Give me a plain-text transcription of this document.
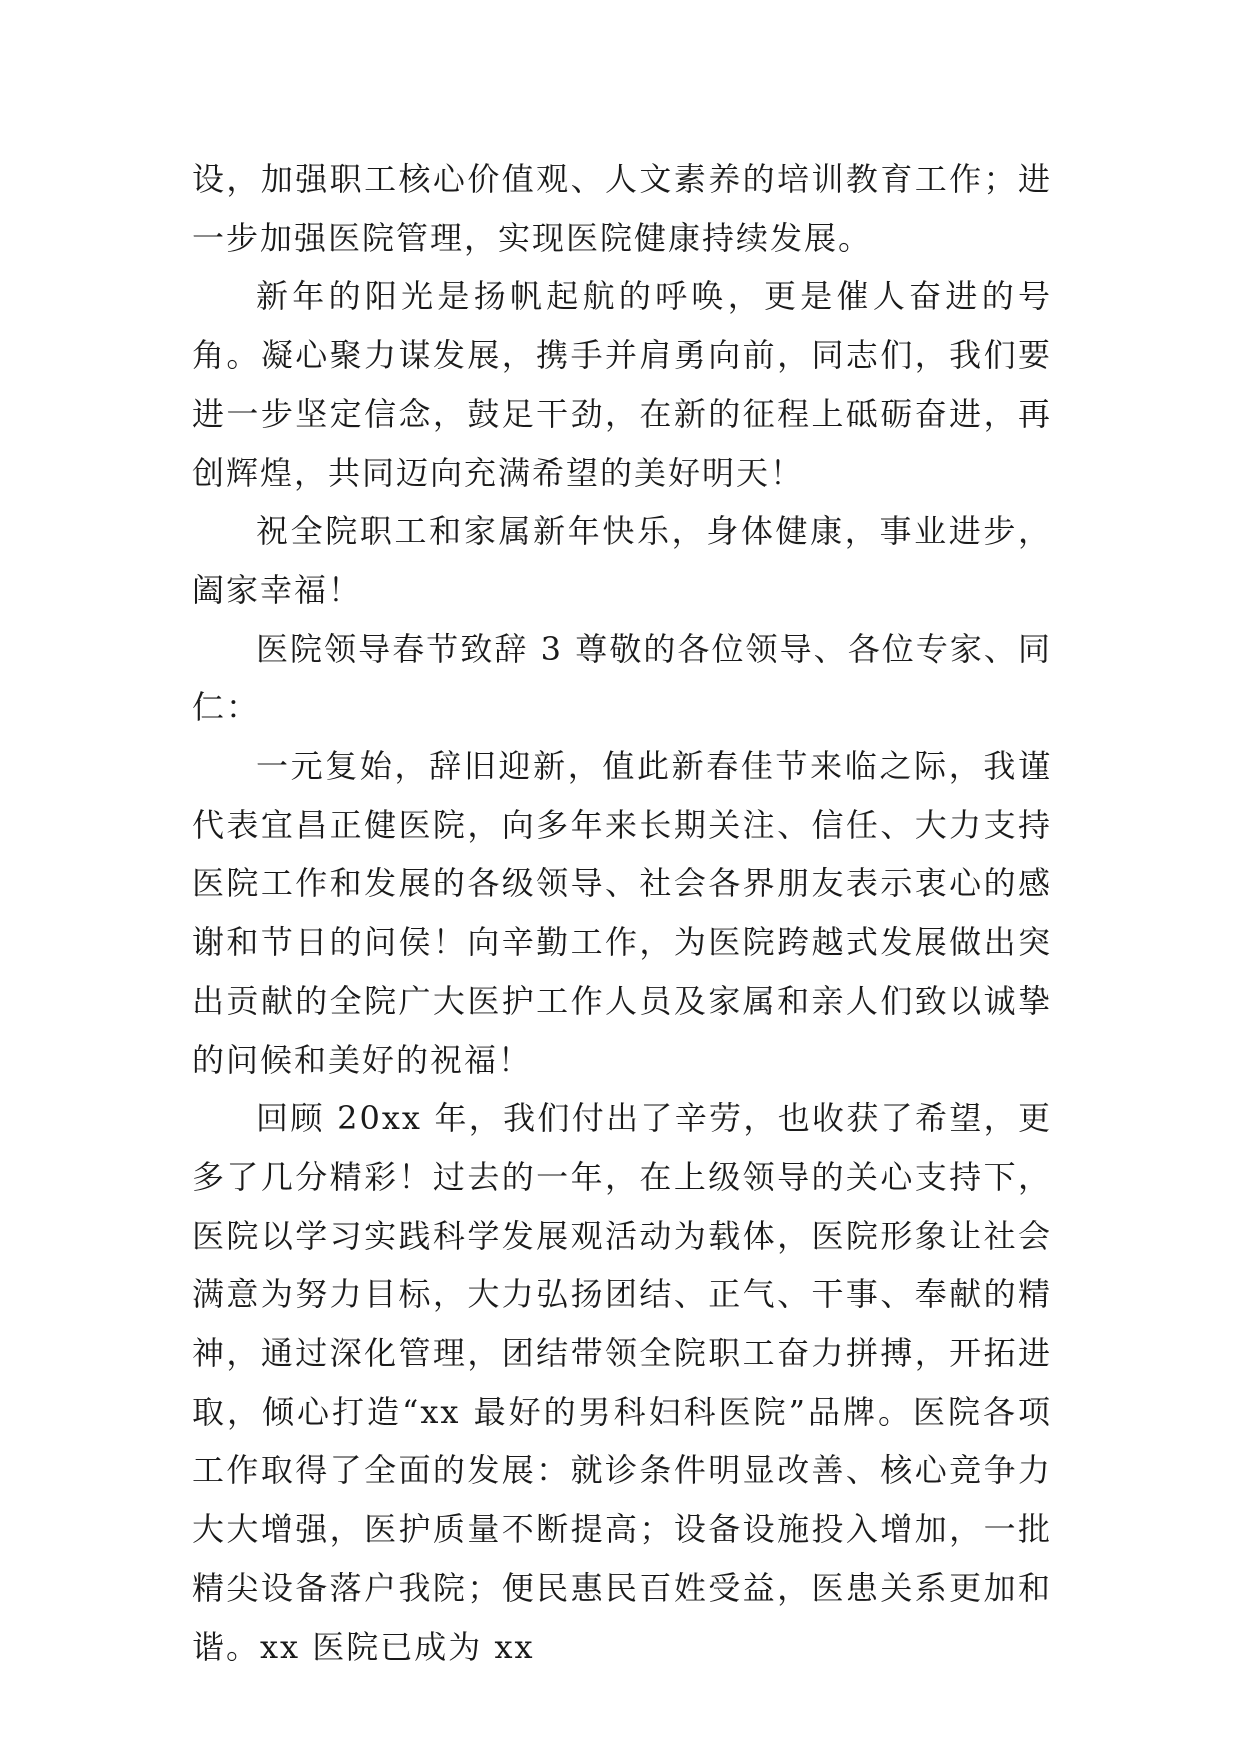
设，加强职工核心价值观、人文素养的培训教育工作；进一步加强医院管理，实现医院健康持续发展。

新年的阳光是扬帆起航的呼唤，更是催人奋进的号角。凝心聚力谋发展，携手并肩勇向前，同志们，我们要进一步坚定信念，鼓足干劲，在新的征程上砥砺奋进，再创辉煌，共同迈向充满希望的美好明天！

祝全院职工和家属新年快乐，身体健康，事业进步，阖家幸福！

医院领导春节致辞 3 尊敬的各位领导、各位专家、同仁：

一元复始，辞旧迎新，值此新春佳节来临之际，我谨代表宜昌正健医院，向多年来长期关注、信任、大力支持医院工作和发展的各级领导、社会各界朋友表示衷心的感谢和节日的问侯！向辛勤工作，为医院跨越式发展做出突出贡献的全院广大医护工作人员及家属和亲人们致以诚挚的问候和美好的祝福！

回顾 20xx 年，我们付出了辛劳，也收获了希望，更多了几分精彩！过去的一年，在上级领导的关心支持下，医院以学习实践科学发展观活动为载体，医院形象让社会满意为努力目标，大力弘扬团结、正气、干事、奉献的精神，通过深化管理，团结带领全院职工奋力拼搏，开拓进取，倾心打造“xx 最好的男科妇科医院”品牌。医院各项工作取得了全面的发展：就诊条件明显改善、核心竞争力大大增强，医护质量不断提高；设备设施投入增加，一批精尖设备落户我院；便民惠民百姓受益，医患关系更加和谐。xx 医院已成为 xx
